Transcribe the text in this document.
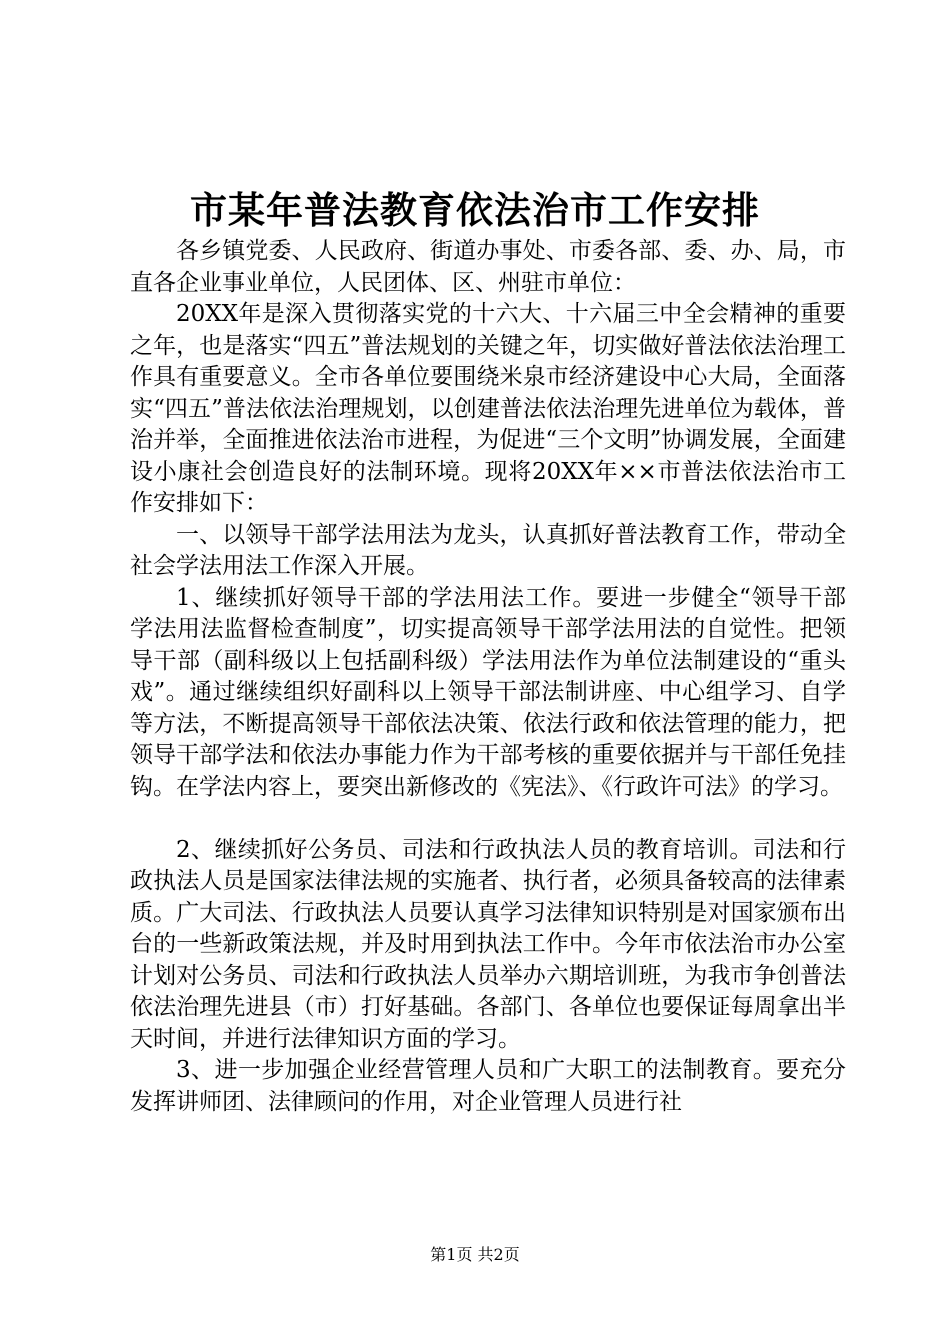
市某年普法教育依法治市工作安排

各乡镇党委、人民政府、街道办事处、市委各部、委、办、局，市直各企业事业单位，人民团体、区、州驻市单位：

20XX年是深入贯彻落实党的十六大、十六届三中全会精神的重要之年，也是落实“四五”普法规划的关键之年，切实做好普法依法治理工作具有重要意义。全市各单位要围绕米泉市经济建设中心大局，全面落实“四五”普法依法治理规划，以创建普法依法治理先进单位为载体，普治并举，全面推进依法治市进程，为促进“三个文明”协调发展，全面建设小康社会创造良好的法制环境。现将20XX年××市普法依法治市工作安排如下：

一、以领导干部学法用法为龙头，认真抓好普法教育工作，带动全社会学法用法工作深入开展。

1、继续抓好领导干部的学法用法工作。要进一步健全“领导干部学法用法监督检查制度”，切实提高领导干部学法用法的自觉性。把领导干部（副科级以上包括副科级）学法用法作为单位法制建设的“重头戏”。通过继续组织好副科以上领导干部法制讲座、中心组学习、自学等方法，不断提高领导干部依法决策、依法行政和依法管理的能力，把领导干部学法和依法办事能力作为干部考核的重要依据并与干部任免挂钩。在学法内容上，要突出新修改的《宪法》、《行政许可法》的学习。

2、继续抓好公务员、司法和行政执法人员的教育培训。司法和行政执法人员是国家法律法规的实施者、执行者，必须具备较高的法律素质。广大司法、行政执法人员要认真学习法律知识特别是对国家颁布出台的一些新政策法规，并及时用到执法工作中。今年市依法治市办公室计划对公务员、司法和行政执法人员举办六期培训班，为我市争创普法依法治理先进县（市）打好基础。各部门、各单位也要保证每周拿出半天时间，并进行法律知识方面的学习。

3、进一步加强企业经营管理人员和广大职工的法制教育。要充分发挥讲师团、法律顾问的作用，对企业管理人员进行社

第1页 共2页
